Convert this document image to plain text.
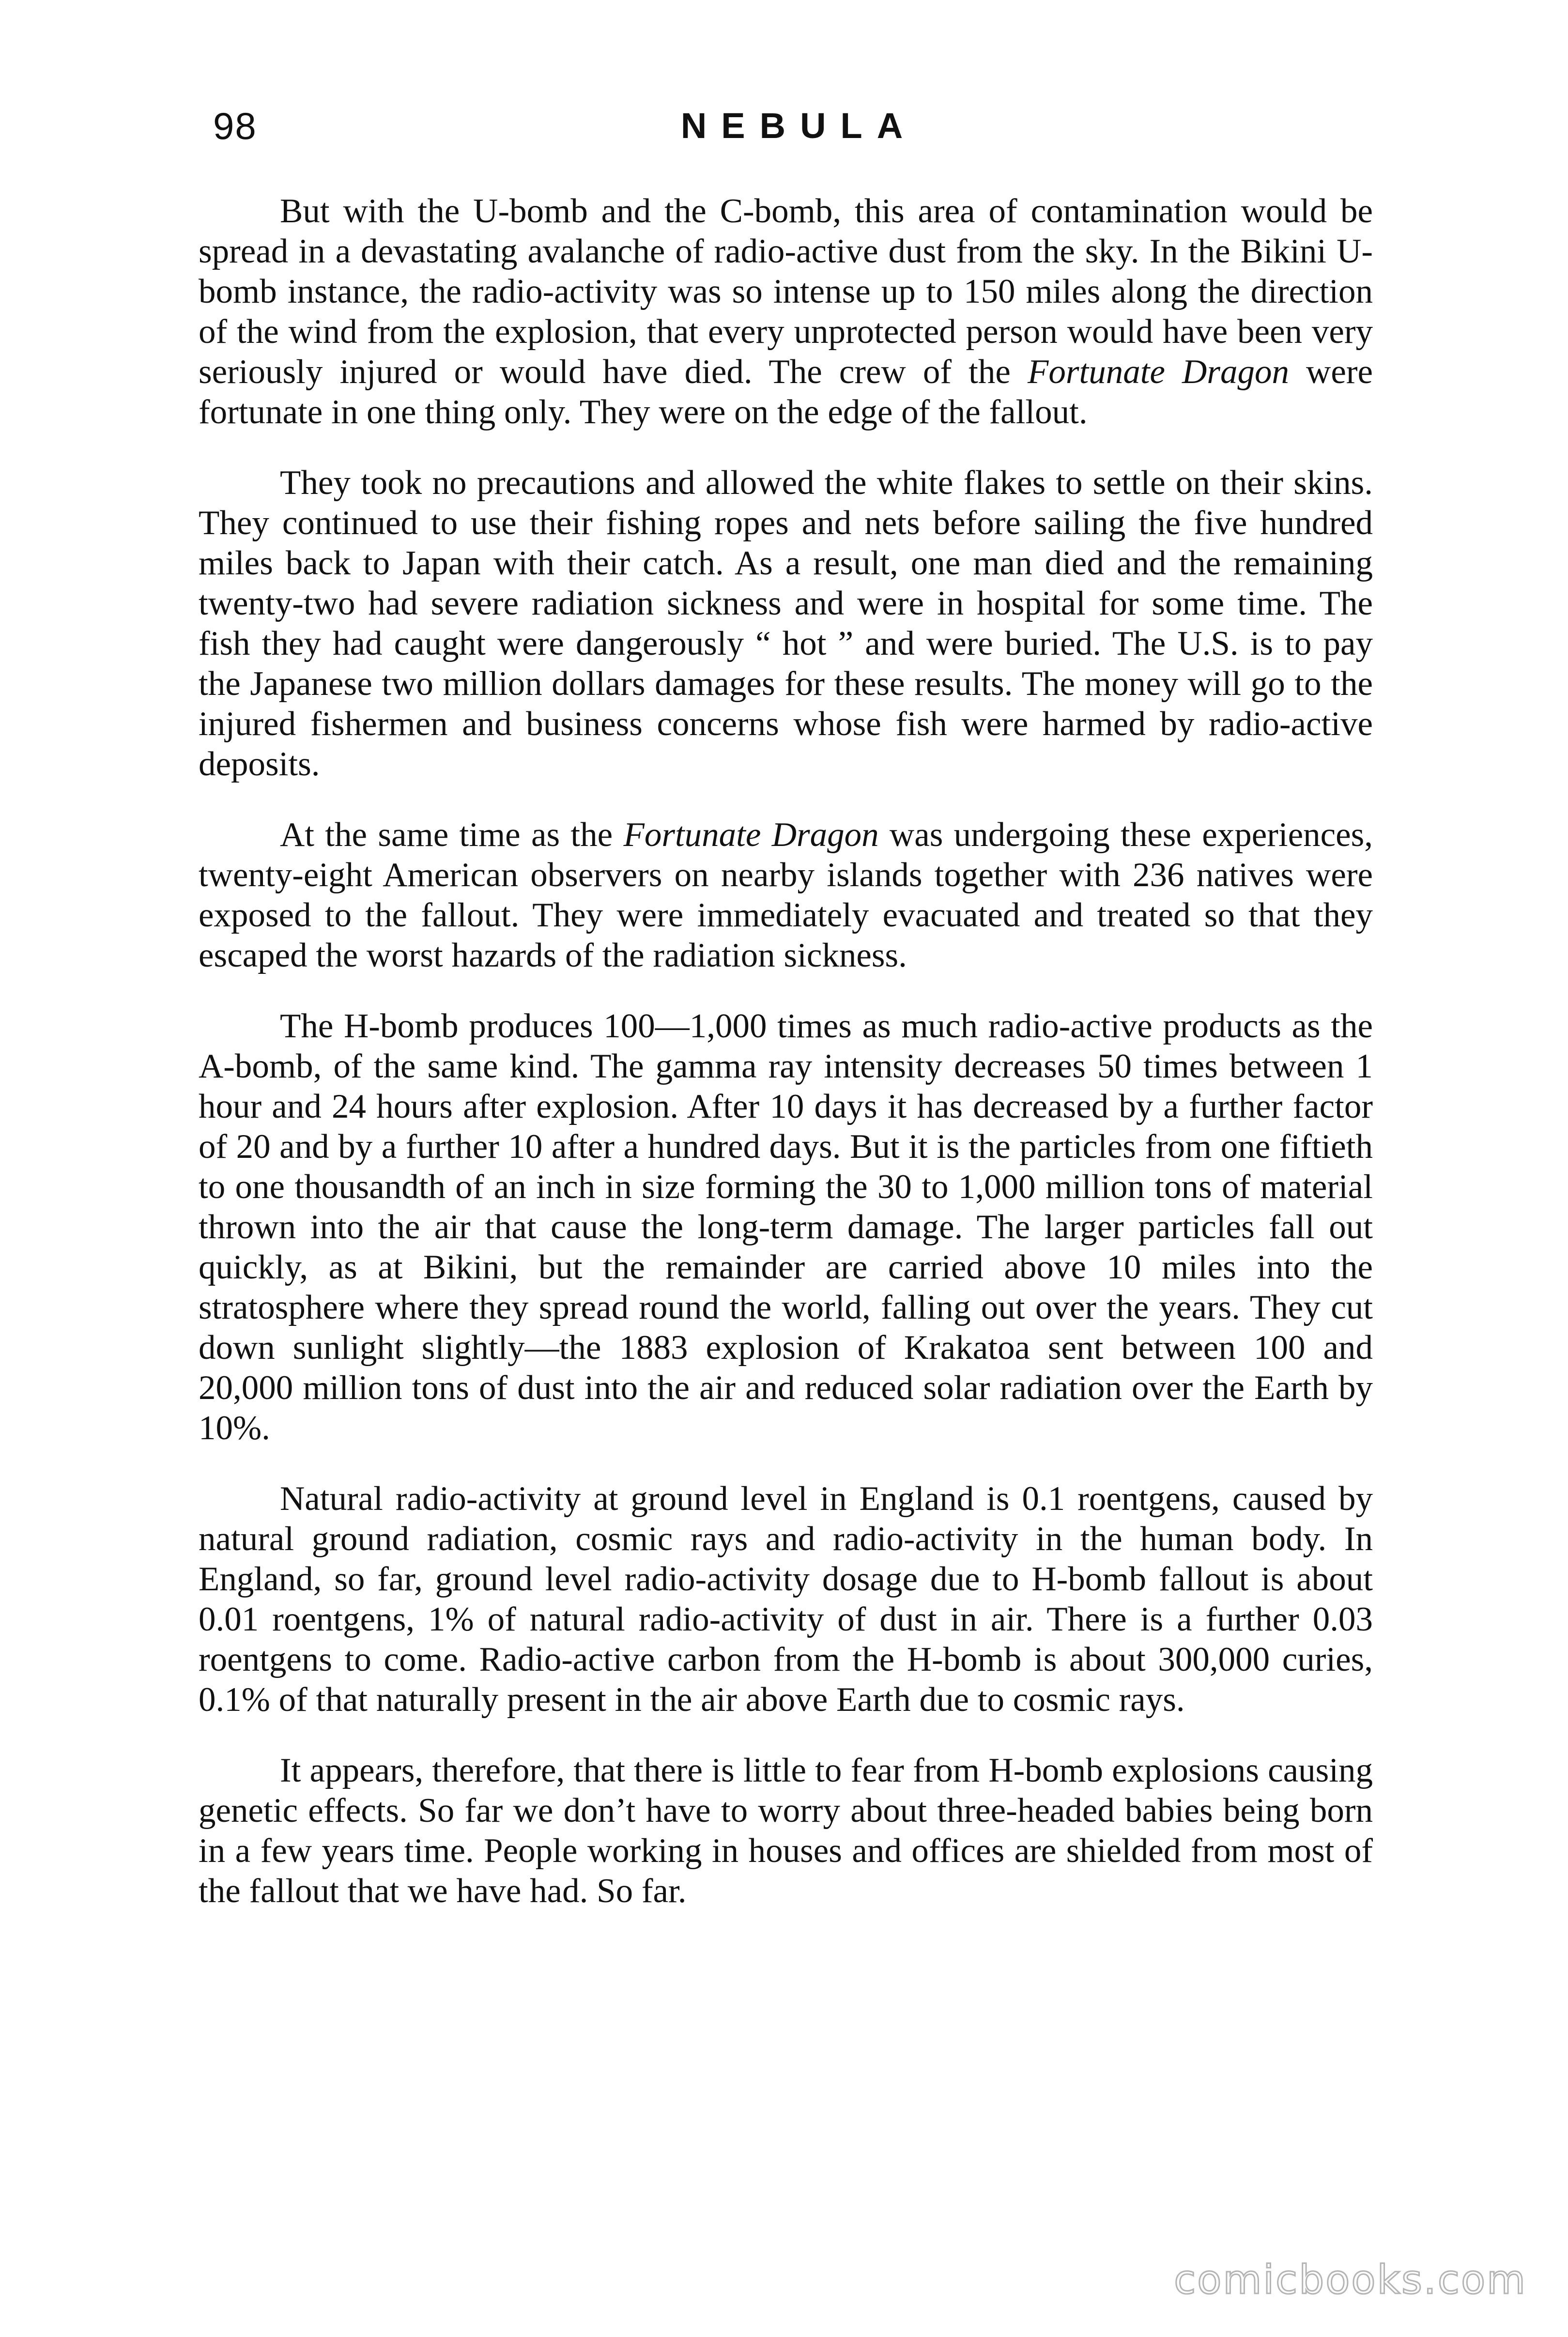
98	NEBULA

But with the U-bomb and the C-bomb, this area of contamination would be spread in a devastating avalanche of radio-active dust from the sky. In the Bikini U-bomb instance, the radio-activity was so intense up to 150 miles along the direction of the wind from the explosion, that every unprotected person would have been very seriously injured or would have died. The crew of the Fortunate Dragon were fortunate in one thing only. They were on the edge of the fallout.

They took no precautions and allowed the white flakes to settle on their skins. They continued to use their fishing ropes and nets before sailing the five hundred miles back to Japan with their catch. As a result, one man died and the remaining twenty-two had severe radiation sickness and were in hospital for some time. The fish they had caught were dangerously “ hot ” and were buried. The U.S. is to pay the Japanese two million dollars damages for these results. The money will go to the injured fishermen and business concerns whose fish were harmed by radio-active deposits.

At the same time as the Fortunate Dragon was undergoing these experiences, twenty-eight American observers on nearby islands together with 236 natives were exposed to the fallout. They were immediately evacuated and treated so that they escaped the worst hazards of the radiation sickness.

The H-bomb produces 100—1,000 times as much radio-active products as the A-bomb, of the same kind. The gamma ray intensity decreases 50 times between 1 hour and 24 hours after explosion. After 10 days it has decreased by a further factor of 20 and by a further 10 after a hundred days. But it is the particles from one fiftieth to one thousandth of an inch in size forming the 30 to 1,000 million tons of material thrown into the air that cause the long-term damage. The larger particles fall out quickly, as at Bikini, but the remainder are carried above 10 miles into the stratosphere where they spread round the world, falling out over the years. They cut down sunlight slightly—the 1883 explosion of Krakatoa sent between 100 and 20,000 million tons of dust into the air and reduced solar radiation over the Earth by 10%.

Natural radio-activity at ground level in England is 0.1 roentgens, caused by natural ground radiation, cosmic rays and radio-activity in the human body. In England, so far, ground level radio-activity dosage due to H-bomb fallout is about 0.01 roentgens, 1% of natural radio-activity of dust in air. There is a further 0.03 roentgens to come. Radio-active carbon from the H-bomb is about 300,000 curies, 0.1% of that naturally present in the air above Earth due to cosmic rays.

It appears, therefore, that there is little to fear from H-bomb explosions causing genetic effects. So far we don’t have to worry about three-headed babies being born in a few years time. People working in houses and offices are shielded from most of the fallout that we have had. So far.

comicbooks.com
